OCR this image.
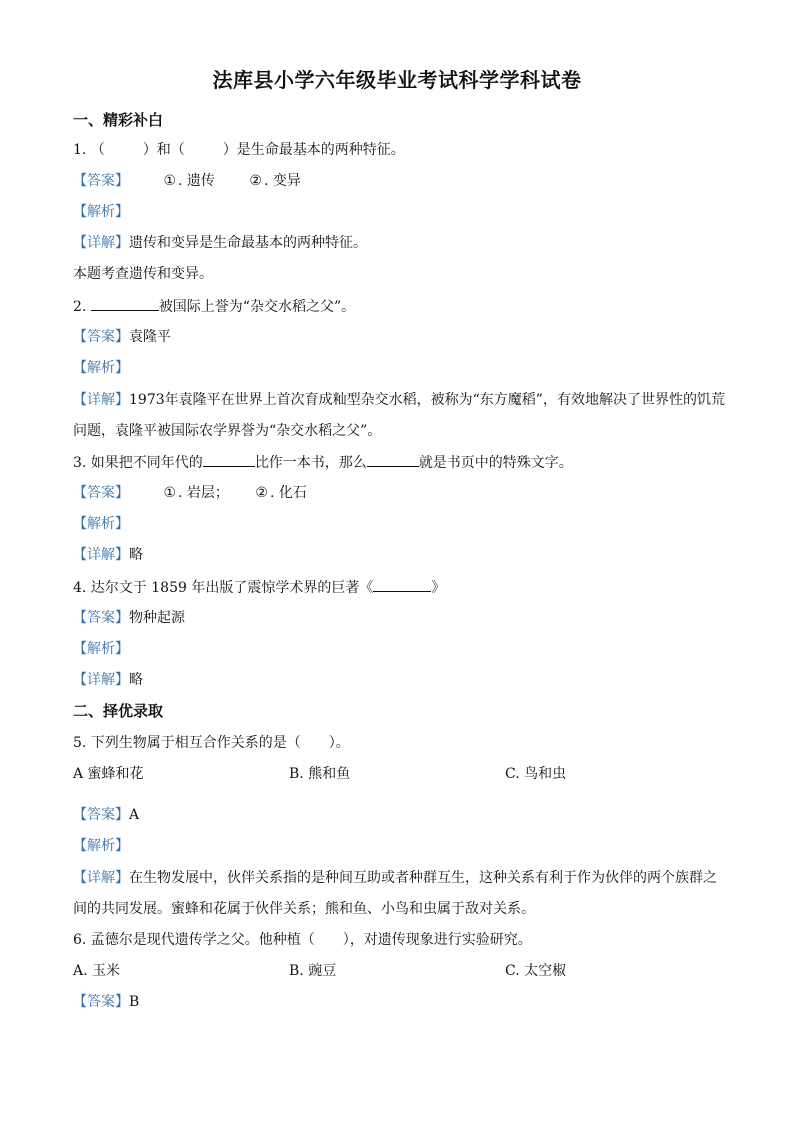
法库县小学六年级毕业考试科学学科试卷
一、精彩补白
1. （	）和（	）是生命最基本的两种特征。
【答案】 ① . 遗传 ② . 变异
【解析】
【详解】遗传和变异是生命最基本的两种特征。
本题考查遗传和变异。
2.	被国际上誉为“杂交水稻之父”。
【答案】袁隆平
【解析】
【详解】1973年袁隆平在世界上首次育成籼型杂交水稻，被称为“东方魔稻”，有效地解决了世界性的饥荒
问题，袁隆平被国际农学界誉为“杂交水稻之父”。
3. 如果把不同年代的	比作一本书，那么	就是书页中的特殊文字。
【答案】 ① . 岩层； ② . 化石
【解析】
【详解】略
4. 达尔文于 1859 年出版了震惊学术界的巨著《	》
【答案】物种起源
【解析】
【详解】略
二、择优录取
5. 下列生物属于相互合作关系的是（　　）。
A 蜜蜂和花	B. 熊和鱼	C. 鸟和虫
【答案】A
【解析】
【详解】在生物发展中，伙伴关系指的是种间互助或者种群互生，这种关系有利于作为伙伴的两个族群之
间的共同发展。蜜蜂和花属于伙伴关系；熊和鱼、小鸟和虫属于敌对关系。
6. 孟德尔是现代遗传学之父。他种植（　　），对遗传现象进行实验研究。
A. 玉米	B. 豌豆	C. 太空椒
【答案】B
